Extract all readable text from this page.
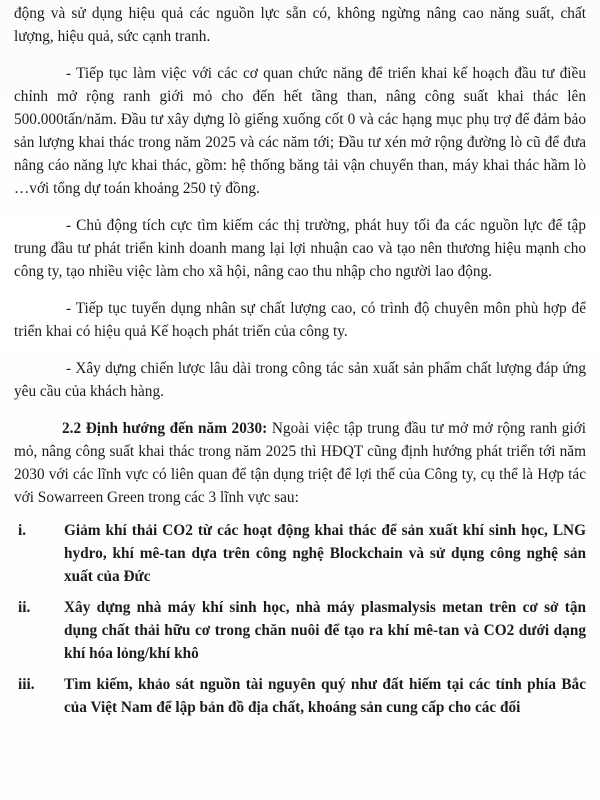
động và sử dụng hiệu quả các nguồn lực sẵn có, không ngừng nâng cao năng suất, chất lượng, hiệu quả, sức cạnh tranh.

- Tiếp tục làm việc với các cơ quan chức năng để triển khai kế hoạch đầu tư điều chỉnh mở rộng ranh giới mỏ cho đến hết tầng than, nâng công suất khai thác lên 500.000tấn/năm. Đầu tư xây dựng lò giếng xuống cốt 0 và các hạng mục phụ trợ để đảm bảo sản lượng khai thác trong năm 2025 và các năm tới; Đầu tư xén mở rộng đường lò cũ để đưa nâng cáo năng lực khai thác, gồm: hệ thống băng tải vận chuyển than, máy khai thác hầm lò …với tổng dự toán khoảng 250 tỷ đồng.

- Chủ động tích cực tìm kiếm các thị trường, phát huy tối đa các nguồn lực để tập trung đầu tư phát triển kinh doanh mang lại lợi nhuận cao và tạo nên thương hiệu mạnh cho công ty, tạo nhiều việc làm cho xã hội, nâng cao thu nhập cho người lao động.

- Tiếp tục tuyển dụng nhân sự chất lượng cao, có trình độ chuyên môn phù hợp để triển khai có hiệu quả Kế hoạch phát triển của công ty.

- Xây dựng chiến lược lâu dài trong công tác sản xuất sản phẩm chất lượng đáp ứng yêu cầu của khách hàng.

2.2 Định hướng đến năm 2030: Ngoài việc tập trung đầu tư mở mở rộng ranh giới mỏ, nâng công suất khai thác trong năm 2025 thì HĐQT cũng định hướng phát triển tới năm 2030 với các lĩnh vực có liên quan để tận dụng triệt để lợi thế của Công ty, cụ thể là Hợp tác với Sowarreen Green trong các 3 lĩnh vực sau:

i.	Giảm khí thải CO2 từ các hoạt động khai thác để sản xuất khí sinh học, LNG hydro, khí mê-tan dựa trên công nghệ Blockchain và sử dụng công nghệ sản xuất của Đức
ii.	Xây dựng nhà máy khí sinh học, nhà máy plasmalysis metan trên cơ sở tận dụng chất thải hữu cơ trong chăn nuôi để tạo ra khí mê-tan và CO2 dưới dạng khí hóa lỏng/khí khô
iii.	Tìm kiếm, khảo sát nguồn tài nguyên quý như đất hiếm tại các tỉnh phía Bắc của Việt Nam để lập bản đồ địa chất, khoáng sản cung cấp cho các đối
